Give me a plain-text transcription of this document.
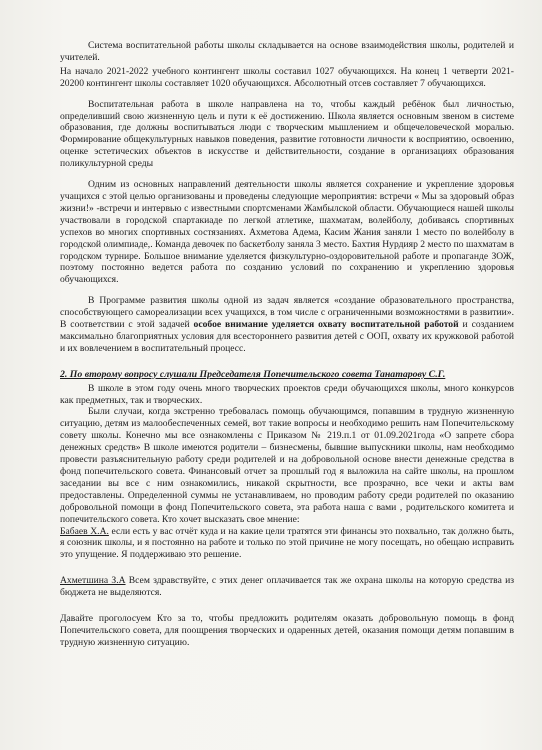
Система воспитательной работы школы складывается на основе взаимодействия школы, родителей и учителей.

На начало 2021-2022 учебного контингент школы составил 1027 обучающихся. На конец 1 четверти 2021-20200 контингент школы составляет 1020 обучающихся. Абсолютный отсев составляет 7 обучающихся.

Воспитательная работа в школе направлена на то, чтобы каждый ребёнок был личностью, определивший свою жизненную цель и пути к её достижению. Школа является основным звеном в системе образования, где должны воспитываться люди с творческим мышлением и общечеловеческой моралью. Формирование общекультурных навыков поведения, развитие готовности личности к восприятию, освоению, оценке эстетических объектов в искусстве и действительности, создание в организациях образования поликультурной среды

Одним из основных направлений деятельности школы является сохранение и укрепление здоровья учащихся с этой целью организованы и проведены следующие мероприятия: встречи « Мы за здоровый образ жизни!» -встречи и интервью с известными спортсменами Жамбылской области. Обучающиеся нашей школы участвовали в городской спартакиаде по легкой атлетике, шахматам, волейболу, добиваясь спортивных успехов во многих спортивных состязаниях. Ахметова Адема, Касим Жания заняли 1 место по волейболу в городской олимпиаде,. Команда девочек по баскетболу заняла 3 место. Бахтия Нурдияр 2 место по шахматам в городском турнире. Большое внимание уделяется физкультурно-оздоровительной работе и пропаганде ЗОЖ, поэтому постоянно ведется работа по созданию условий по сохранению и укреплению здоровья обучающихся.

В Программе развития школы одной из задач является «создание образовательного пространства, способствующего самореализации всех учащихся, в том числе с ограниченными возможностями в развитии». В соответствии с этой задачей особое внимание уделяется охвату воспитательной работой и созданием максимально благоприятных условия для всестороннего развития детей с ООП, охвату их кружковой работой и их вовлечением в воспитательный процесс.

2. По второму вопросу слушали Председателя Попечительского совета Танатарову С.Г.

В школе в этом году очень много творческих проектов среди обучающихся школы, много конкурсов как предметных, так и творческих.

Были случаи, когда экстренно требовалась помощь обучающимся, попавшим в трудную жизненную ситуацию, детям из малообеспеченных семей, вот такие вопросы и необходимо решить нам Попечительскому совету школы. Конечно мы все ознакомлены с Приказом № 219.п.1 от 01.09.2021года «О запрете сбора денежных средств» В школе имеются родители – бизнесмены, бывшие выпускники школы, нам необходимо провести разъяснительную работу среди родителей и на добровольной основе внести денежные средства в фонд попечительского совета. Финансовый отчет за прошлый год я выложила на сайте школы, на прошлом заседании вы все с ним ознакомились, никакой скрытности, все прозрачно, все чеки и акты вам предоставлены. Определенной суммы не устанавливаем, но проводим работу среди родителей по оказанию добровольной помощи в фонд Попечительского совета, эта работа наша с вами , родительского комитета и попечительского совета. Кто хочет высказать свое мнение:

Бабаев Х.А. если есть у вас отчёт куда и на какие цели тратятся эти финансы это похвально, так должно быть, я союзник школы, и я постоянно на работе и только по этой причине не могу посещать, но обещаю исправить это упущение. Я поддерживаю это решение.

Ахметшина З.А Всем здравствуйте, с этих денег оплачивается так же охрана школы на которую средства из бюджета не выделяются.

Давайте проголосуем Кто за то, чтобы предложить родителям оказать добровольную помощь в фонд Попечительского совета, для поощрения творческих и одаренных детей, оказания помощи детям попавшим в трудную жизненную ситуацию.
